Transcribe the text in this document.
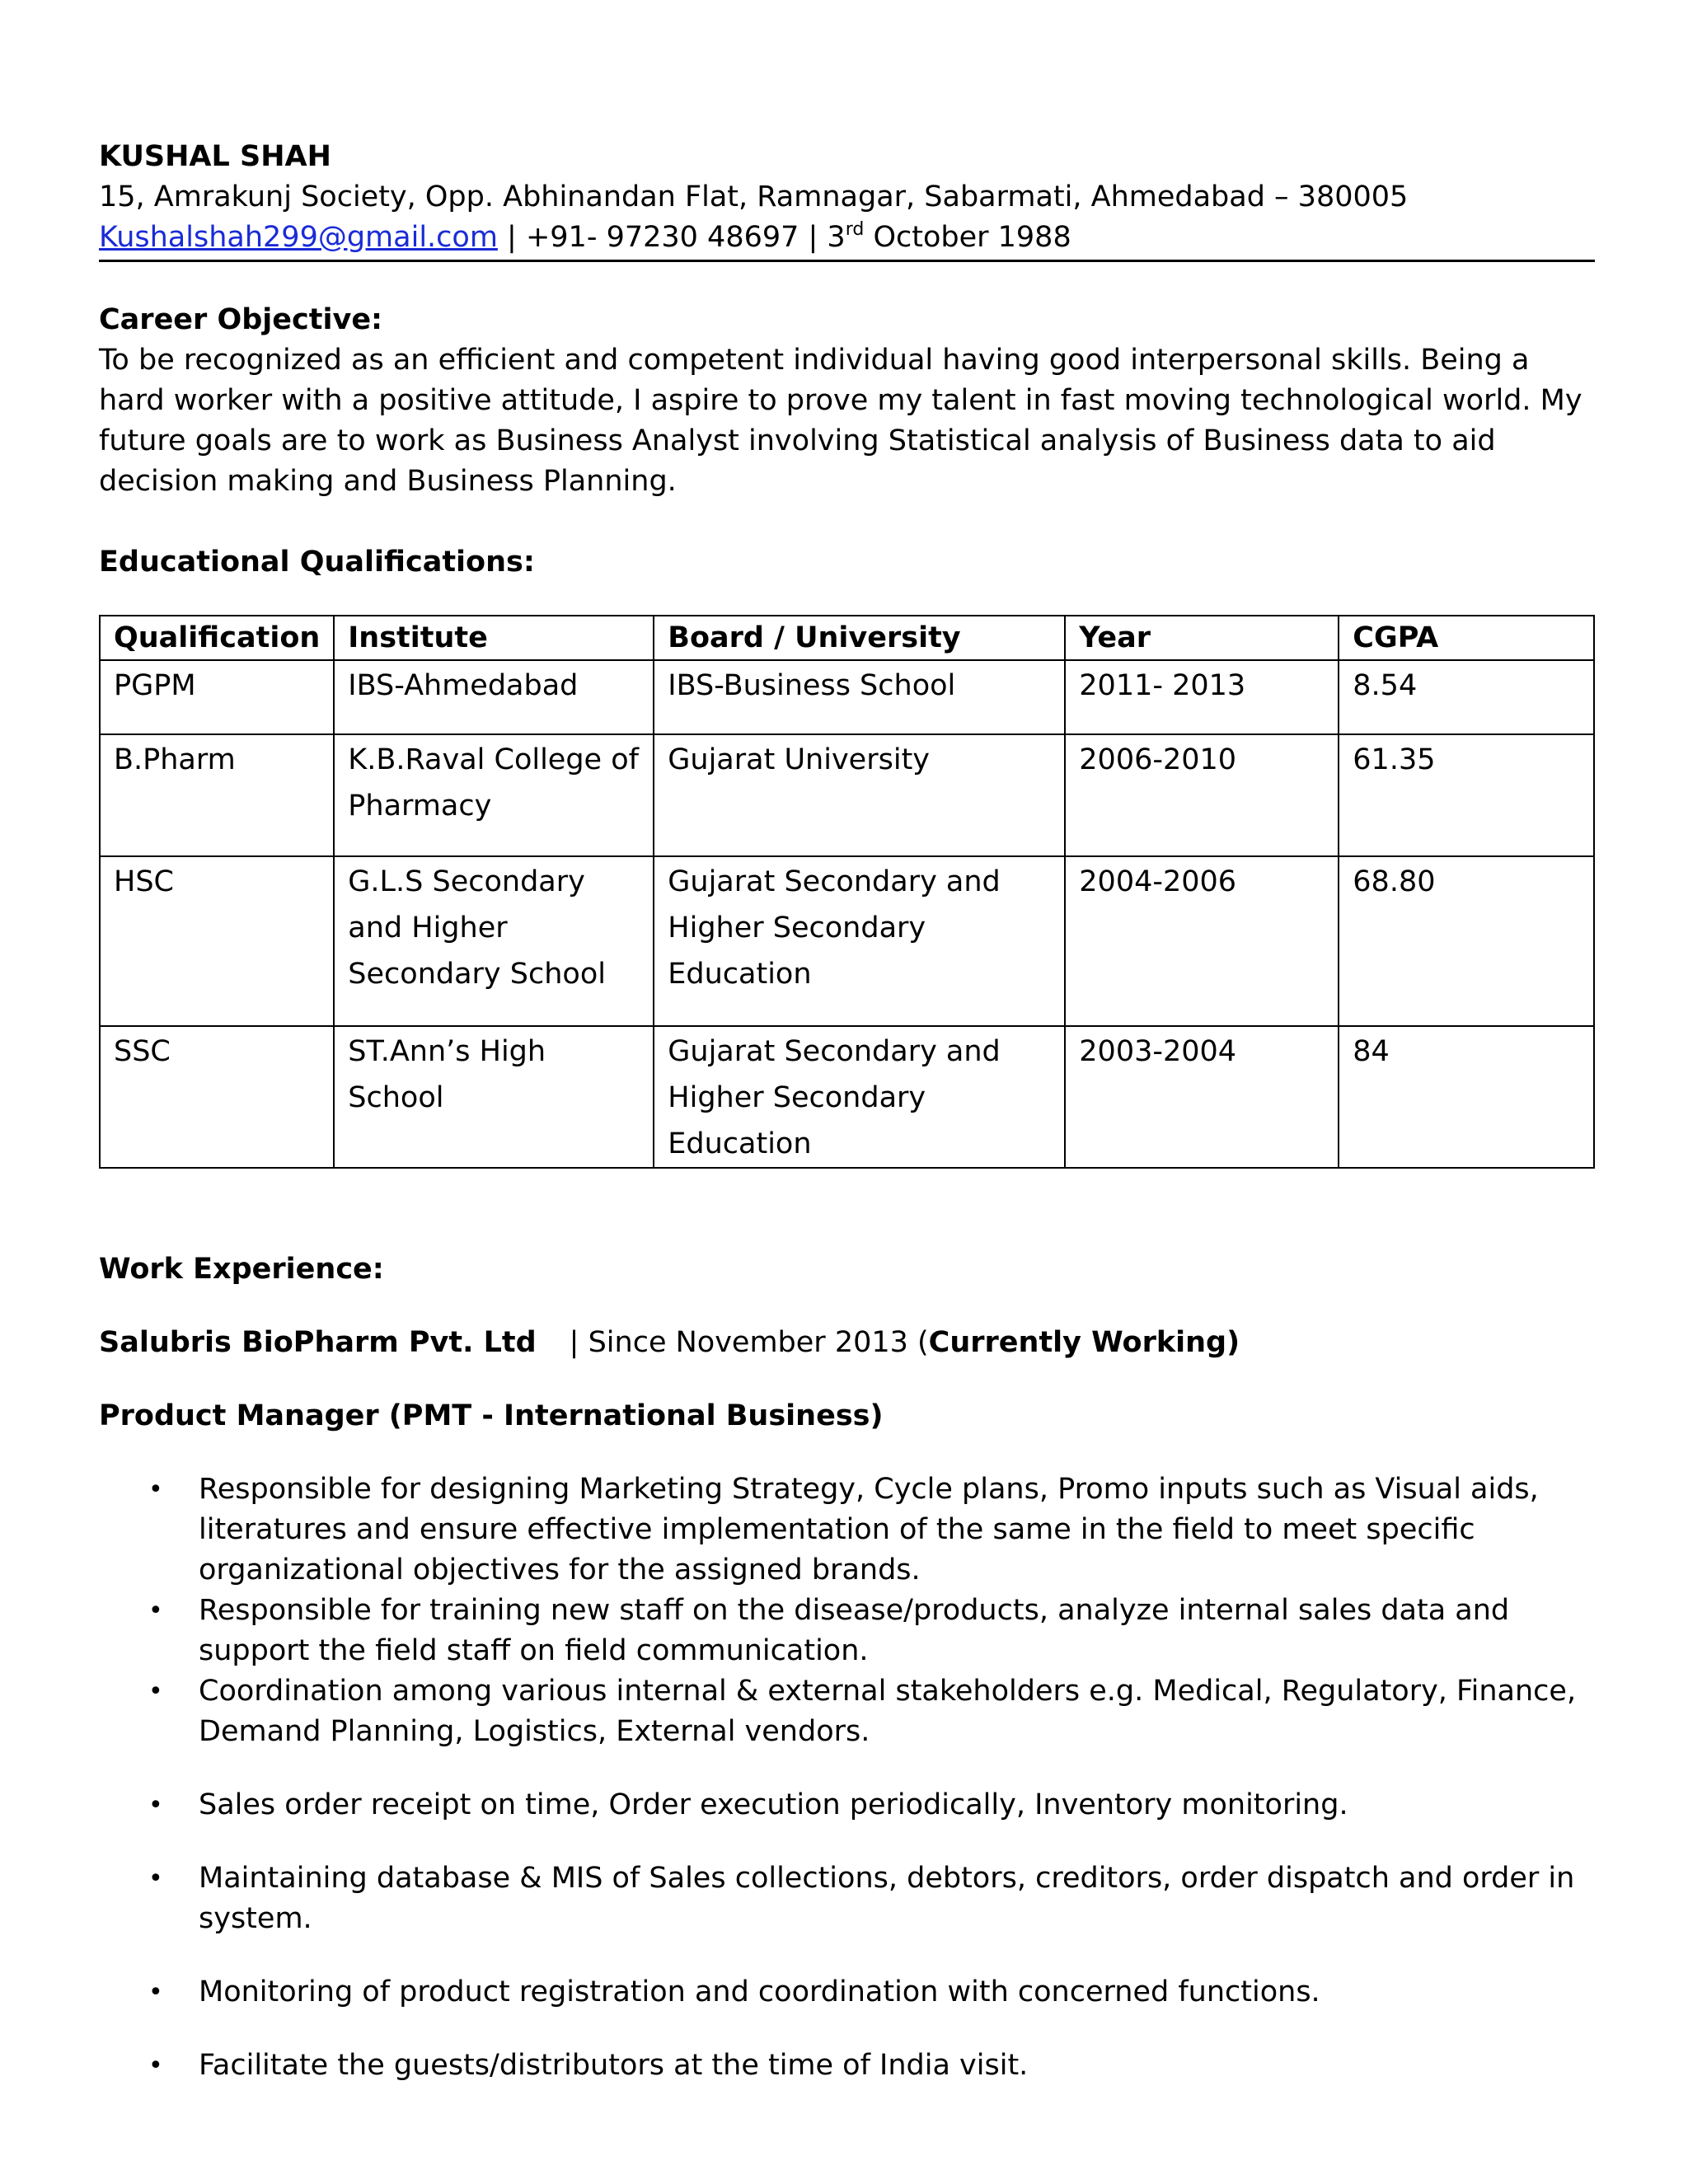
KUSHAL SHAH
15, Amrakunj Society, Opp. Abhinandan Flat, Ramnagar, Sabarmati, Ahmedabad – 380005
Kushalshah299@gmail.com | +91- 97230 48697 | 3rd October 1988
Career Objective:
To be recognized as an efficient and competent individual having good interpersonal skills. Being a hard worker with a positive attitude, I aspire to prove my talent in fast moving technological world. My future goals are to work as Business Analyst involving Statistical analysis of Business data to aid decision making and Business Planning.
Educational Qualifications:
Qualification	Institute	Board / University	Year	CGPA
PGPM	IBS-Ahmedabad	IBS-Business School	2011- 2013	8.54
B.Pharm	K.B.Raval College of Pharmacy	Gujarat University	2006-2010	61.35
HSC	G.L.S Secondary and Higher Secondary School	Gujarat Secondary and Higher Secondary Education	2004-2006	68.80
SSC	ST.Ann’s High School	Gujarat Secondary and Higher Secondary Education	2003-2004	84
Work Experience:
Salubris BioPharm Pvt. Ltd | Since November 2013 (Currently Working)
Product Manager (PMT - International Business)
• Responsible for designing Marketing Strategy, Cycle plans, Promo inputs such as Visual aids, literatures and ensure effective implementation of the same in the field to meet specific organizational objectives for the assigned brands.
• Responsible for training new staff on the disease/products, analyze internal sales data and support the field staff on field communication.
• Coordination among various internal & external stakeholders e.g. Medical, Regulatory, Finance, Demand Planning, Logistics, External vendors.
• Sales order receipt on time, Order execution periodically, Inventory monitoring.
• Maintaining database & MIS of Sales collections, debtors, creditors, order dispatch and order in system.
• Monitoring of product registration and coordination with concerned functions.
• Facilitate the guests/distributors at the time of India visit.
